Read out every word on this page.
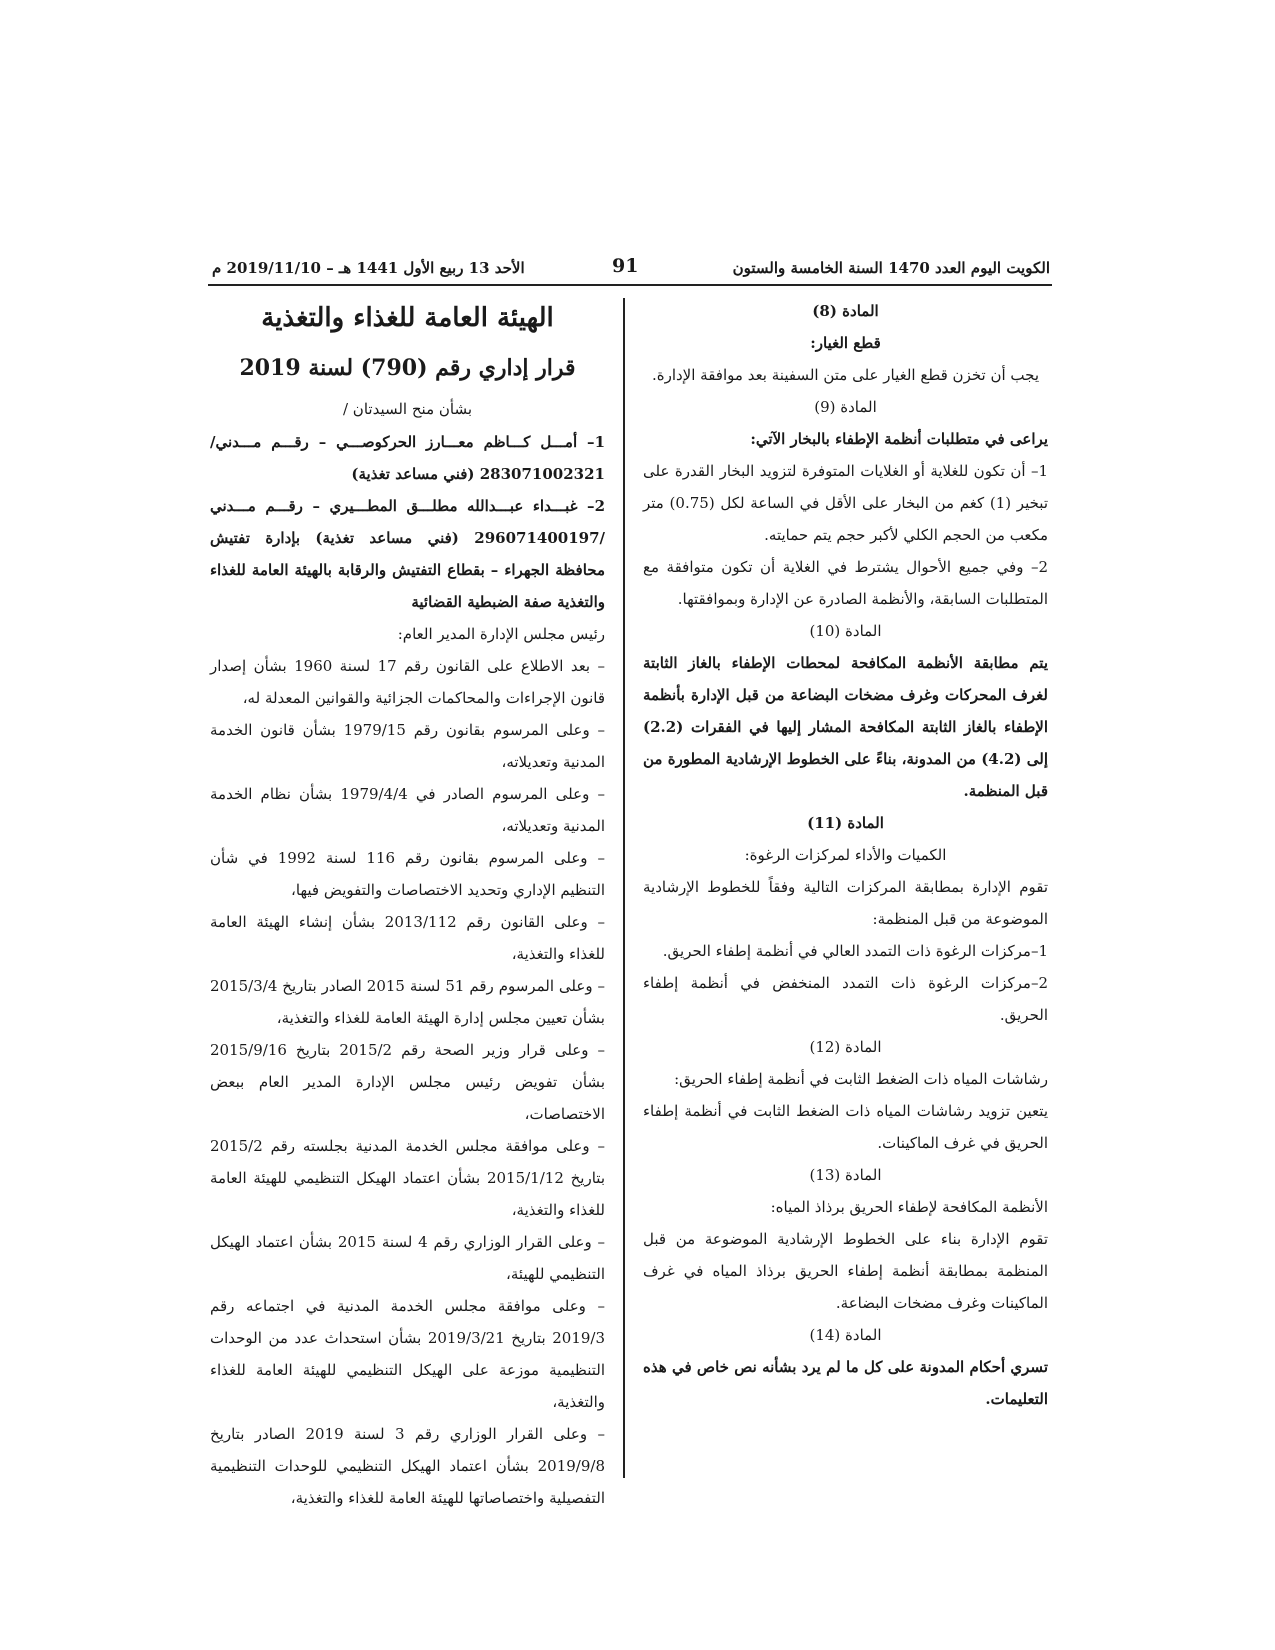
الكويت اليوم العدد 1470 السنة الخامسة والستون
91
الأحد 13 ربيع الأول 1441 هـ – 2019/11/10 م

المادة (8)

قطع الغيار:

يجب أن تخزن قطع الغيار على متن السفينة بعد موافقة الإدارة.

المادة (9)

يراعى في متطلبات أنظمة الإطفاء بالبخار الآتي:

1– أن تكون للغلاية أو الغلايات المتوفرة لتزويد البخار القدرة على تبخير (1) كغم من البخار على الأقل في الساعة لكل (0.75) متر مكعب من الحجم الكلي لأكبر حجم يتم حمايته.

2– وفي جميع الأحوال يشترط في الغلاية أن تكون متوافقة مع المتطلبات السابقة، والأنظمة الصادرة عن الإدارة وبموافقتها.

المادة (10)

يتم مطابقة الأنظمة المكافحة لمحطات الإطفاء بالغاز الثابتة لغرف المحركات وغرف مضخات البضاعة من قبل الإدارة بأنظمة الإطفاء بالغاز الثابتة المكافحة المشار إليها في الفقرات (2.2) إلى (4.2) من المدونة، بناءً على الخطوط الإرشادية المطورة من قبل المنظمة.

المادة (11)

الكميات والأداء لمركزات الرغوة:

تقوم الإدارة بمطابقة المركزات التالية وفقاً للخطوط الإرشادية الموضوعة من قبل المنظمة:

1–مركزات الرغوة ذات التمدد العالي في أنظمة إطفاء الحريق.

2–مركزات الرغوة ذات التمدد المنخفض في أنظمة إطفاء الحريق.

المادة (12)

رشاشات المياه ذات الضغط الثابت في أنظمة إطفاء الحريق:

يتعين تزويد رشاشات المياه ذات الضغط الثابت في أنظمة إطفاء الحريق في غرف الماكينات.

المادة (13)

الأنظمة المكافحة لإطفاء الحريق برذاذ المياه:

تقوم الإدارة بناء على الخطوط الإرشادية الموضوعة من قبل المنظمة بمطابقة أنظمة إطفاء الحريق برذاذ المياه في غرف الماكينات وغرف مضخات البضاعة.

المادة (14)

تسري أحكام المدونة على كل ما لم يرد بشأنه نص خاص في هذه التعليمات.

الهيئة العامة للغذاء والتغذية

قرار إداري رقم (790) لسنة 2019

بشأن منح السيدتان /

1– أمـــل كـــاظم معـــارز الحركوصـــي – رقـــم مـــدني/ 283071002321 (فني مساعد تغذية)

2– غبـــداء عبـــدالله مطلـــق المطـــيري – رقـــم مـــدني /296071400197 (فني مساعد تغذية) بإدارة تفتيش محافظة الجهراء – بقطاع التفتيش والرقابة بالهيئة العامة للغذاء والتغذية صفة الضبطية القضائية

رئيس مجلس الإدارة المدير العام:

– بعد الاطلاع على القانون رقم 17 لسنة 1960 بشأن إصدار قانون الإجراءات والمحاكمات الجزائية والقوانين المعدلة له،

– وعلى المرسوم بقانون رقم 1979/15 بشأن قانون الخدمة المدنية وتعديلاته،

– وعلى المرسوم الصادر في 1979/4/4 بشأن نظام الخدمة المدنية وتعديلاته،

– وعلى المرسوم بقانون رقم 116 لسنة 1992 في شأن التنظيم الإداري وتحديد الاختصاصات والتفويض فيها،

– وعلى القانون رقم 2013/112 بشأن إنشاء الهيئة العامة للغذاء والتغذية،

– وعلى المرسوم رقم 51 لسنة 2015 الصادر بتاريخ 2015/3/4 بشأن تعيين مجلس إدارة الهيئة العامة للغذاء والتغذية،

– وعلى قرار وزير الصحة رقم 2015/2 بتاريخ 2015/9/16 بشأن تفويض رئيس مجلس الإدارة المدير العام ببعض الاختصاصات،

– وعلى موافقة مجلس الخدمة المدنية بجلسته رقم 2015/2 بتاريخ 2015/1/12 بشأن اعتماد الهيكل التنظيمي للهيئة العامة للغذاء والتغذية،

– وعلى القرار الوزاري رقم 4 لسنة 2015 بشأن اعتماد الهيكل التنظيمي للهيئة،

– وعلى موافقة مجلس الخدمة المدنية في اجتماعه رقم 2019/3 بتاريخ 2019/3/21 بشأن استحداث عدد من الوحدات التنظيمية موزعة على الهيكل التنظيمي للهيئة العامة للغذاء والتغذية،

– وعلى القرار الوزاري رقم 3 لسنة 2019 الصادر بتاريخ 2019/9/8 بشأن اعتماد الهيكل التنظيمي للوحدات التنظيمية التفصيلية واختصاصاتها للهيئة العامة للغذاء والتغذية،
